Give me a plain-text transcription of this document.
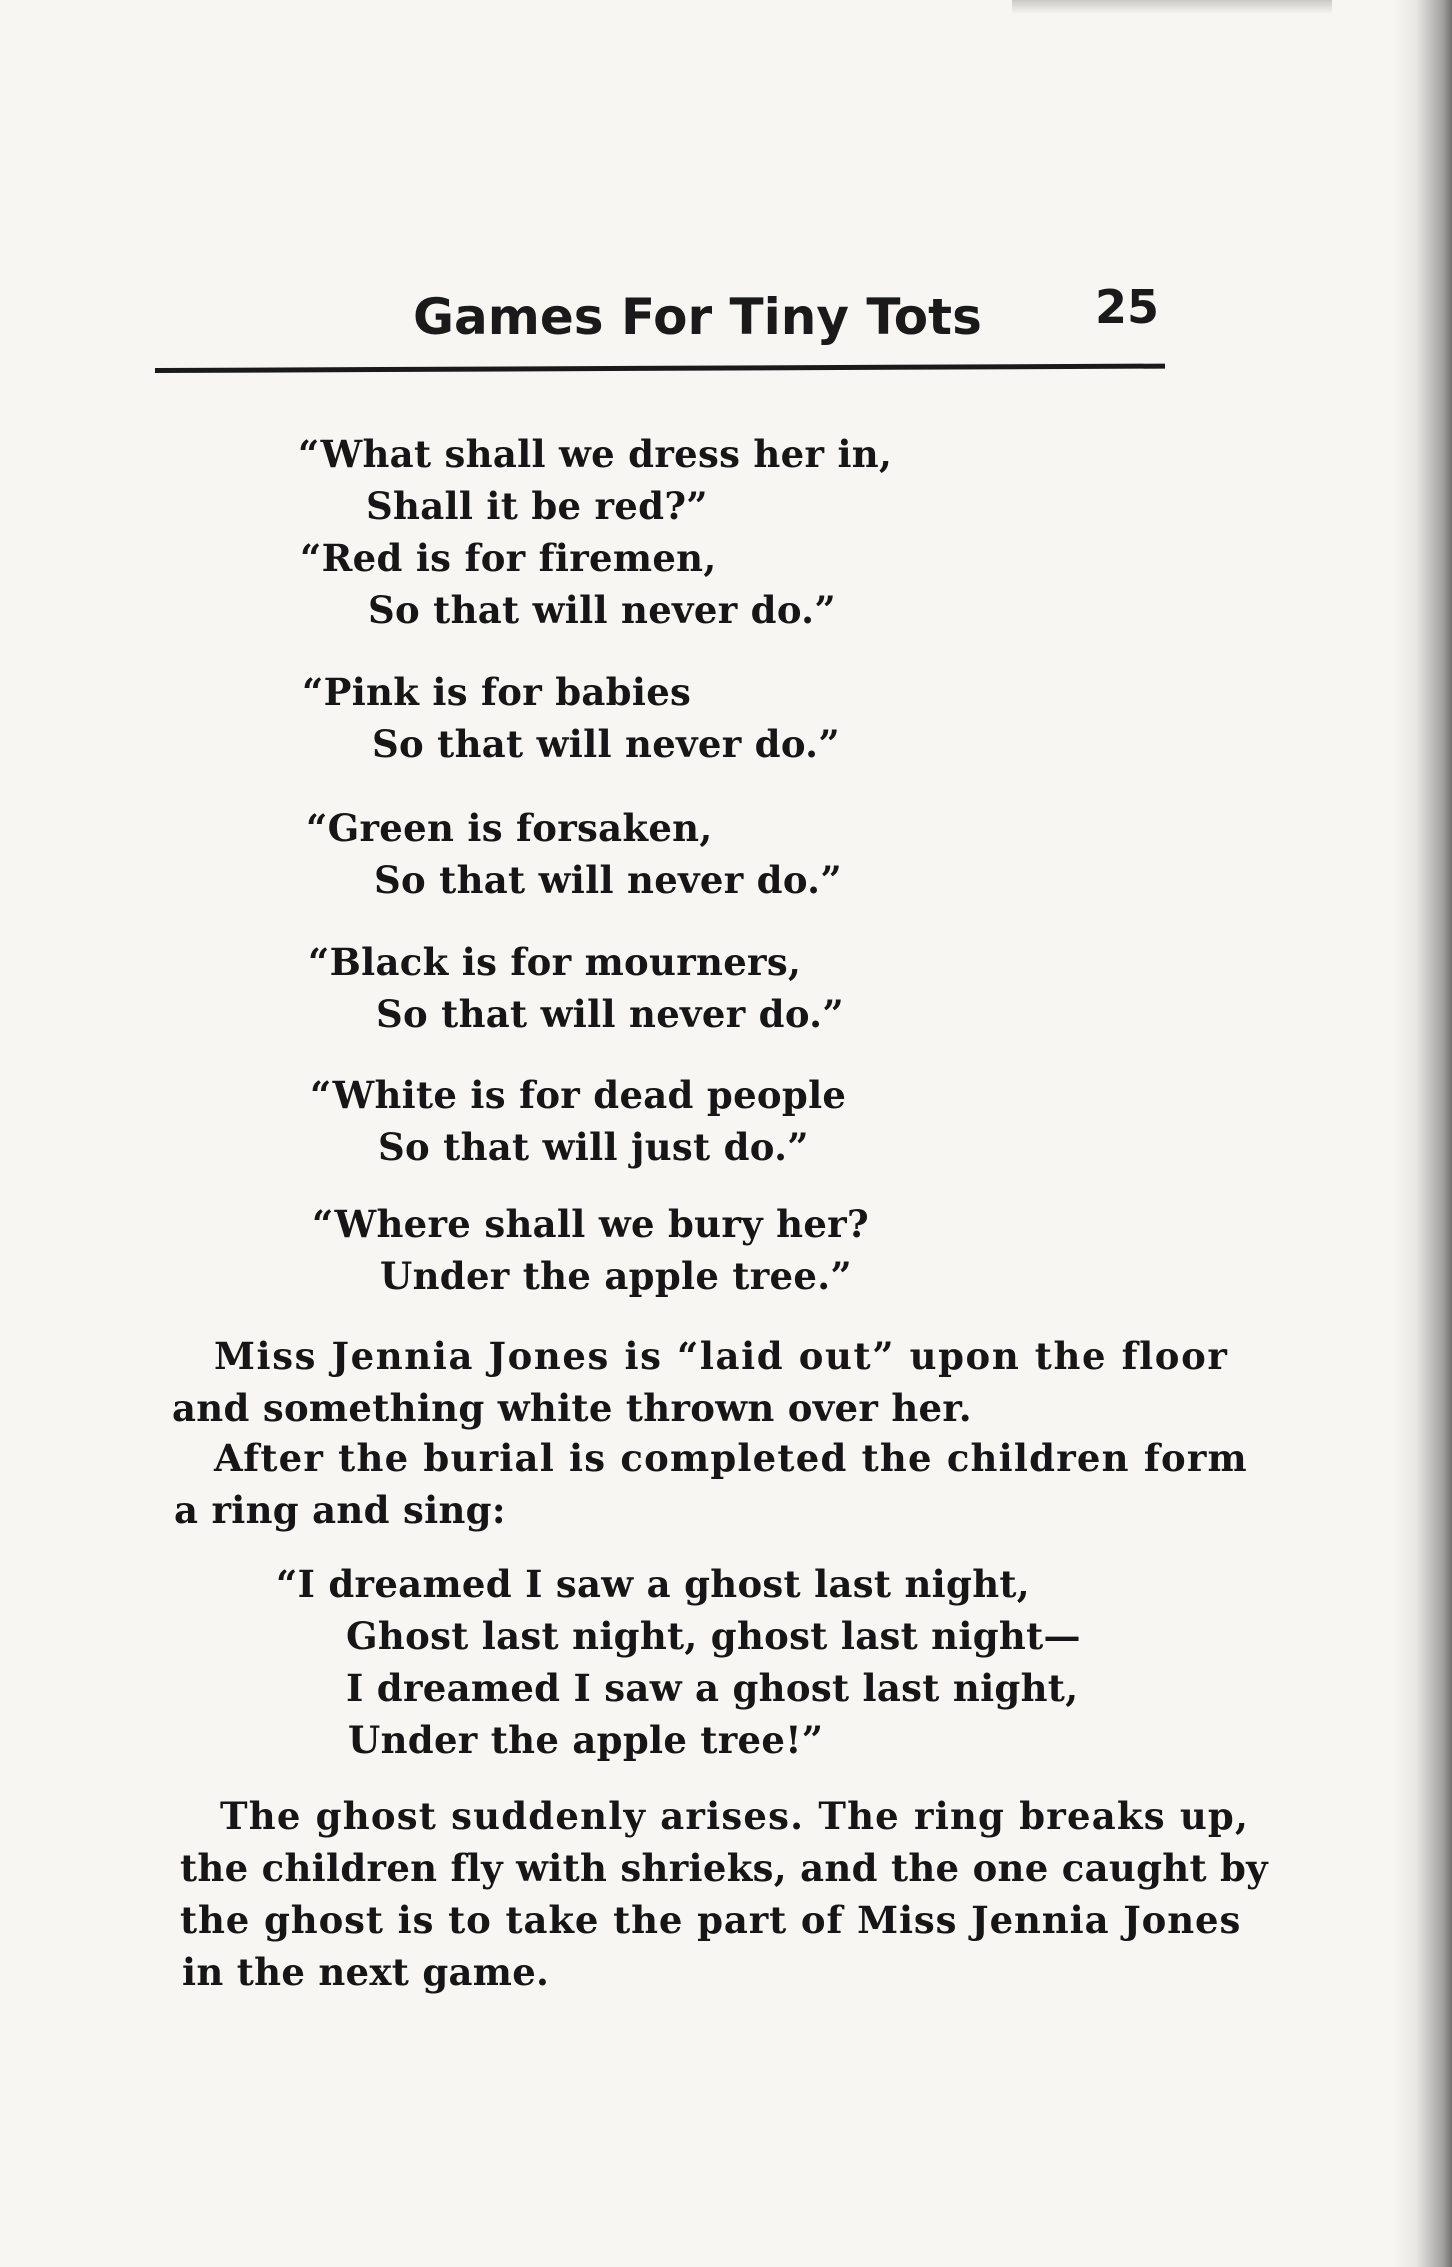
Games For Tiny Tots 25
“What shall we dress her in,
Shall it be red?”
“Red is for firemen,
So that will never do.”
“Pink is for babies
So that will never do.”
“Green is forsaken,
So that will never do.”
“Black is for mourners,
So that will never do.”
“White is for dead people
So that will just do.”
“Where shall we bury her?
Under the apple tree.”
Miss Jennia Jones is “laid out” upon the floor
and something white thrown over her.
After the burial is completed the children form
a ring and sing:
“I dreamed I saw a ghost last night,
Ghost last night, ghost last night—
I dreamed I saw a ghost last night,
Under the apple tree!”
The ghost suddenly arises. The ring breaks up,
the children fly with shrieks, and the one caught by
the ghost is to take the part of Miss Jennia Jones
in the next game.
